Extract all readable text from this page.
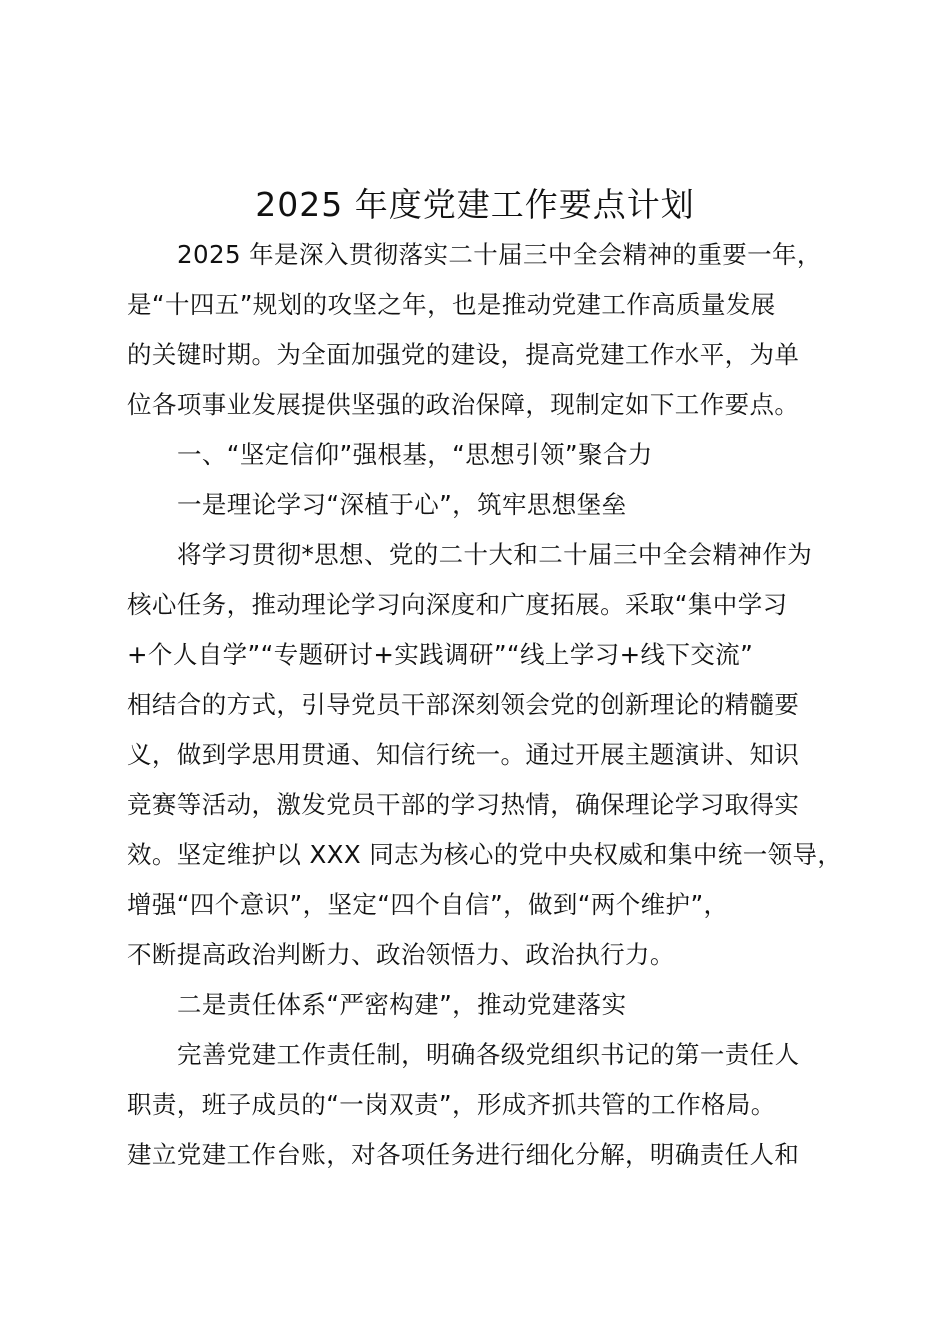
2025 年度党建工作要点计划
2025 年是深入贯彻落实二十届三中全会精神的重要一年，
是“十四五”规划的攻坚之年，也是推动党建工作高质量发展
的关键时期。为全面加强党的建设，提高党建工作水平，为单
位各项事业发展提供坚强的政治保障，现制定如下工作要点。
一、“坚定信仰”强根基，“思想引领”聚合力
一是理论学习“深植于心”，筑牢思想堡垒
将学习贯彻*思想、党的二十大和二十届三中全会精神作为
核心任务，推动理论学习向深度和广度拓展。采取“集中学习
+个人自学”“专题研讨+实践调研”“线上学习+线下交流”
相结合的方式，引导党员干部深刻领会党的创新理论的精髓要
义，做到学思用贯通、知信行统一。通过开展主题演讲、知识
竞赛等活动，激发党员干部的学习热情，确保理论学习取得实
效。坚定维护以 XXX 同志为核心的党中央权威和集中统一领导，
增强“四个意识”，坚定“四个自信”，做到“两个维护”，
不断提高政治判断力、政治领悟力、政治执行力。
二是责任体系“严密构建”，推动党建落实
完善党建工作责任制，明确各级党组织书记的第一责任人
职责，班子成员的“一岗双责”，形成齐抓共管的工作格局。
建立党建工作台账，对各项任务进行细化分解，明确责任人和
